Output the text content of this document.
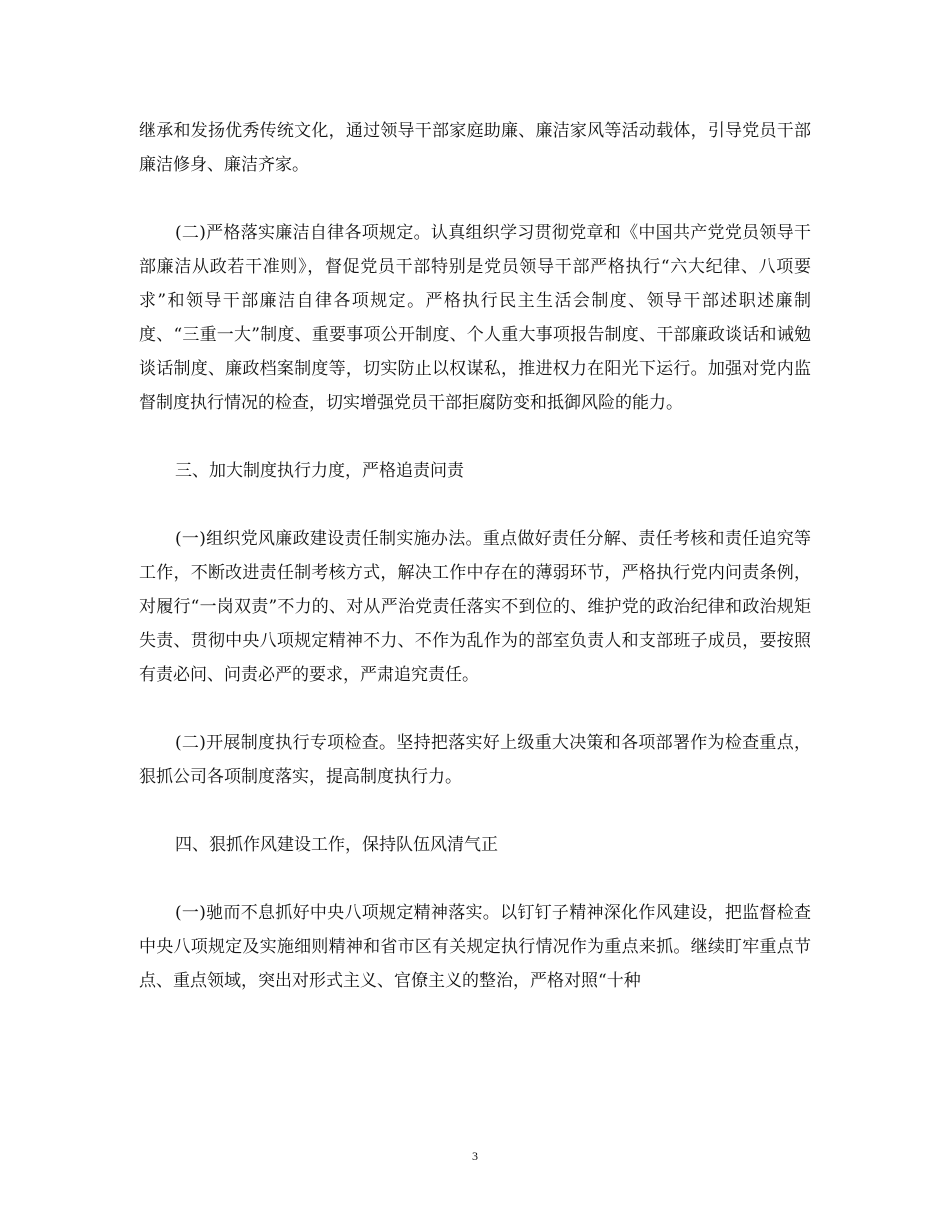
继承和发扬优秀传统文化，通过领导干部家庭助廉、廉洁家风等活动载体，引导党员干部廉洁修身、廉洁齐家。

(二)严格落实廉洁自律各项规定。认真组织学习贯彻党章和《中国共产党党员领导干部廉洁从政若干准则》，督促党员干部特别是党员领导干部严格执行“六大纪律、八项要求”和领导干部廉洁自律各项规定。严格执行民主生活会制度、领导干部述职述廉制度、“三重一大”制度、重要事项公开制度、个人重大事项报告制度、干部廉政谈话和诫勉谈话制度、廉政档案制度等，切实防止以权谋私，推进权力在阳光下运行。加强对党内监督制度执行情况的检查，切实增强党员干部拒腐防变和抵御风险的能力。

三、加大制度执行力度，严格追责问责

(一)组织党风廉政建设责任制实施办法。重点做好责任分解、责任考核和责任追究等工作，不断改进责任制考核方式，解决工作中存在的薄弱环节，严格执行党内问责条例，对履行“一岗双责”不力的、对从严治党责任落实不到位的、维护党的政治纪律和政治规矩失责、贯彻中央八项规定精神不力、不作为乱作为的部室负责人和支部班子成员，要按照有责必问、问责必严的要求，严肃追究责任。

(二)开展制度执行专项检查。坚持把落实好上级重大决策和各项部署作为检查重点，狠抓公司各项制度落实，提高制度执行力。

四、狠抓作风建设工作，保持队伍风清气正

(一)驰而不息抓好中央八项规定精神落实。以钉钉子精神深化作风建设，把监督检查中央八项规定及实施细则精神和省市区有关规定执行情况作为重点来抓。继续盯牢重点节点、重点领域，突出对形式主义、官僚主义的整治，严格对照“十种

3
